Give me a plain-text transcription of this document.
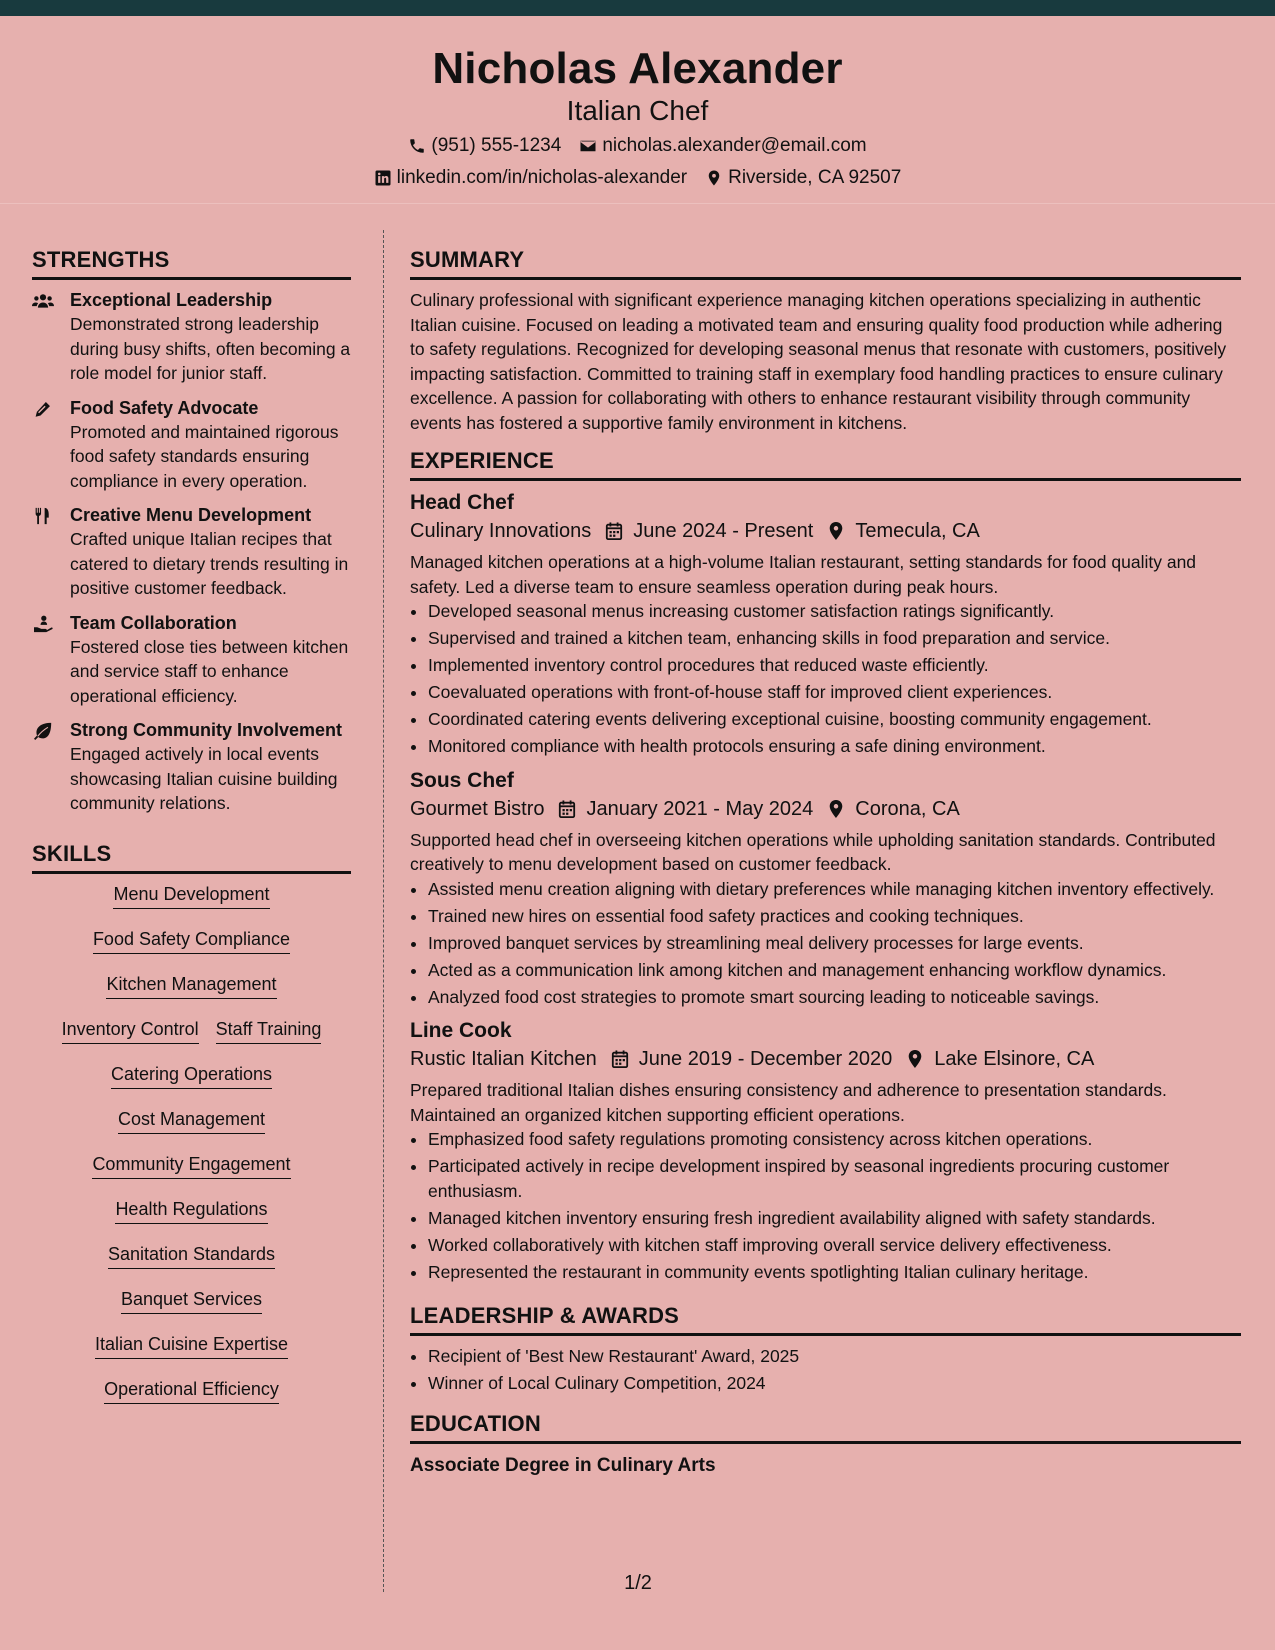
Nicholas Alexander
Italian Chef
(951) 555-1234 nicholas.alexander@email.com
linkedin.com/in/nicholas-alexander Riverside, CA 92507
STRENGTHS
Exceptional Leadership
Demonstrated strong leadership during busy shifts, often becoming a role model for junior staff.
Food Safety Advocate
Promoted and maintained rigorous food safety standards ensuring compliance in every operation.
Creative Menu Development
Crafted unique Italian recipes that catered to dietary trends resulting in positive customer feedback.
Team Collaboration
Fostered close ties between kitchen and service staff to enhance operational efficiency.
Strong Community Involvement
Engaged actively in local events showcasing Italian cuisine building community relations.
SKILLS
Menu Development
Food Safety Compliance
Kitchen Management
Inventory Control Staff Training
Catering Operations
Cost Management
Community Engagement
Health Regulations
Sanitation Standards
Banquet Services
Italian Cuisine Expertise
Operational Efficiency
SUMMARY
Culinary professional with significant experience managing kitchen operations specializing in authentic Italian cuisine. Focused on leading a motivated team and ensuring quality food production while adhering to safety regulations. Recognized for developing seasonal menus that resonate with customers, positively impacting satisfaction. Committed to training staff in exemplary food handling practices to ensure culinary excellence. A passion for collaborating with others to enhance restaurant visibility through community events has fostered a supportive family environment in kitchens.
EXPERIENCE
Head Chef
Culinary Innovations June 2024 - Present Temecula, CA
Managed kitchen operations at a high-volume Italian restaurant, setting standards for food quality and safety. Led a diverse team to ensure seamless operation during peak hours.
• Developed seasonal menus increasing customer satisfaction ratings significantly.
• Supervised and trained a kitchen team, enhancing skills in food preparation and service.
• Implemented inventory control procedures that reduced waste efficiently.
• Coevaluated operations with front-of-house staff for improved client experiences.
• Coordinated catering events delivering exceptional cuisine, boosting community engagement.
• Monitored compliance with health protocols ensuring a safe dining environment.
Sous Chef
Gourmet Bistro January 2021 - May 2024 Corona, CA
Supported head chef in overseeing kitchen operations while upholding sanitation standards. Contributed creatively to menu development based on customer feedback.
• Assisted menu creation aligning with dietary preferences while managing kitchen inventory effectively.
• Trained new hires on essential food safety practices and cooking techniques.
• Improved banquet services by streamlining meal delivery processes for large events.
• Acted as a communication link among kitchen and management enhancing workflow dynamics.
• Analyzed food cost strategies to promote smart sourcing leading to noticeable savings.
Line Cook
Rustic Italian Kitchen June 2019 - December 2020 Lake Elsinore, CA
Prepared traditional Italian dishes ensuring consistency and adherence to presentation standards. Maintained an organized kitchen supporting efficient operations.
• Emphasized food safety regulations promoting consistency across kitchen operations.
• Participated actively in recipe development inspired by seasonal ingredients procuring customer enthusiasm.
• Managed kitchen inventory ensuring fresh ingredient availability aligned with safety standards.
• Worked collaboratively with kitchen staff improving overall service delivery effectiveness.
• Represented the restaurant in community events spotlighting Italian culinary heritage.
LEADERSHIP & AWARDS
• Recipient of 'Best New Restaurant' Award, 2025
• Winner of Local Culinary Competition, 2024
EDUCATION
Associate Degree in Culinary Arts
1/2
